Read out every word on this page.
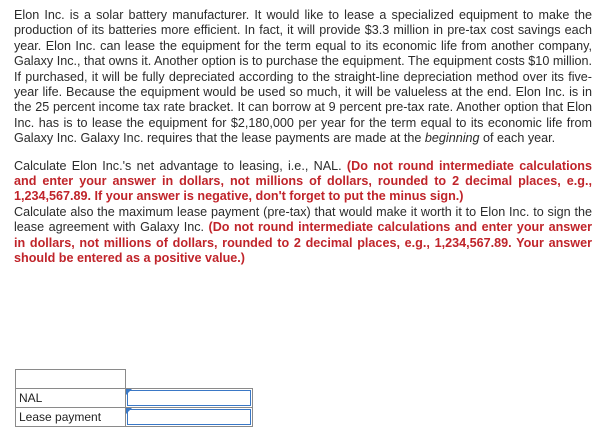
Elon Inc. is a solar battery manufacturer. It would like to lease a specialized equipment to make the production of its batteries more efficient. In fact, it will provide $3.3 million in pre-tax cost savings each year. Elon Inc. can lease the equipment for the term equal to its economic life from another company, Galaxy Inc., that owns it. Another option is to purchase the equipment. The equipment costs $10 million. If purchased, it will be fully depreciated according to the straight-line depreciation method over its five-year life. Because the equipment would be used so much, it will be valueless at the end. Elon Inc. is in the 25 percent income tax rate bracket. It can borrow at 9 percent pre-tax rate. Another option that Elon Inc. has is to lease the equipment for $2,180,000 per year for the term equal to its economic life from Galaxy Inc. Galaxy Inc. requires that the lease payments are made at the beginning of each year.

Calculate Elon Inc.'s net advantage to leasing, i.e., NAL. (Do not round intermediate calculations and enter your answer in dollars, not millions of dollars, rounded to 2 decimal places, e.g., 1,234,567.89. If your answer is negative, don't forget to put the minus sign.)

Calculate also the maximum lease payment (pre-tax) that would make it worth it to Elon Inc. to sign the lease agreement with Galaxy Inc. (Do not round intermediate calculations and enter your answer in dollars, not millions of dollars, rounded to 2 decimal places, e.g., 1,234,567.89. Your answer should be entered as a positive value.)

NAL	

Lease payment	
